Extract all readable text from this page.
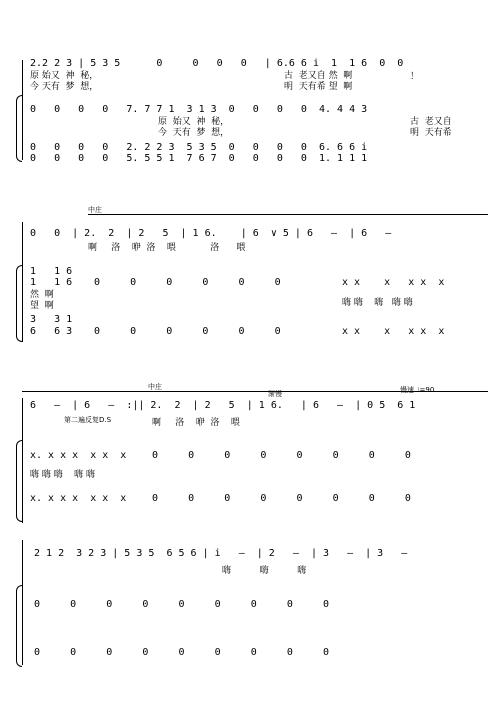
2.2 2 3 | 5 3 5      0     0   0   0   | 6.6 6 i  1  1 6  0  0
原 始又  神  秘，
今 天有  梦  想，
古  老又自 然  啊
明  天有希 望  啊
！
0   0   0   0   7. 7 7 1  3 1 3  0   0   0   0  4. 4 4 3
原  始又  神  秘，
今  天有  梦  想，
古  老又自
明  天有希
0   0   0   0   2. 2 2 3  5 3 5  0   0   0   0  6. 6 6 i
0   0   0   0   5. 5 5 1  7 6 7  0   0   0   0  1. 1 1 1
中庄
0   0  | 2.  2  | 2   5  | 1 6.    | 6  ∨ 5 | 6   –  | 6   –
啊     洛    咿  洛    喂            洛      喂
1   1 6
1   1 6
然  啊
望  啊
3   3 1
6   6 3
0     0     0     0     0     0
0     0     0     0     0     0
x x    x   x x  x
嗨 嗨    嗨   嗨 嗨
x x    x   x x  x
中庄
渐慢	慢速 ♩=90
6   –  | 6   –  :|| 2.  2  | 2   5  | 1 6.   | 6   –  | 0 5  6 1
第二遍反复D.S	啊     洛    咿  洛    喂
x. x x x  x x  x
嗨 嗨 嗨    嗨 嗨
x. x x x  x x  x
0     0     0     0     0     0     0     0
0     0     0     0     0     0     0     0
2 1 2  3 2 3 | 5 3 5  6 5 6 | i   –  | 2   –  | 3   –  | 3   –
嗨          嗨          嗨
0     0     0     0     0     0     0     0     0
0     0     0     0     0     0     0     0     0
